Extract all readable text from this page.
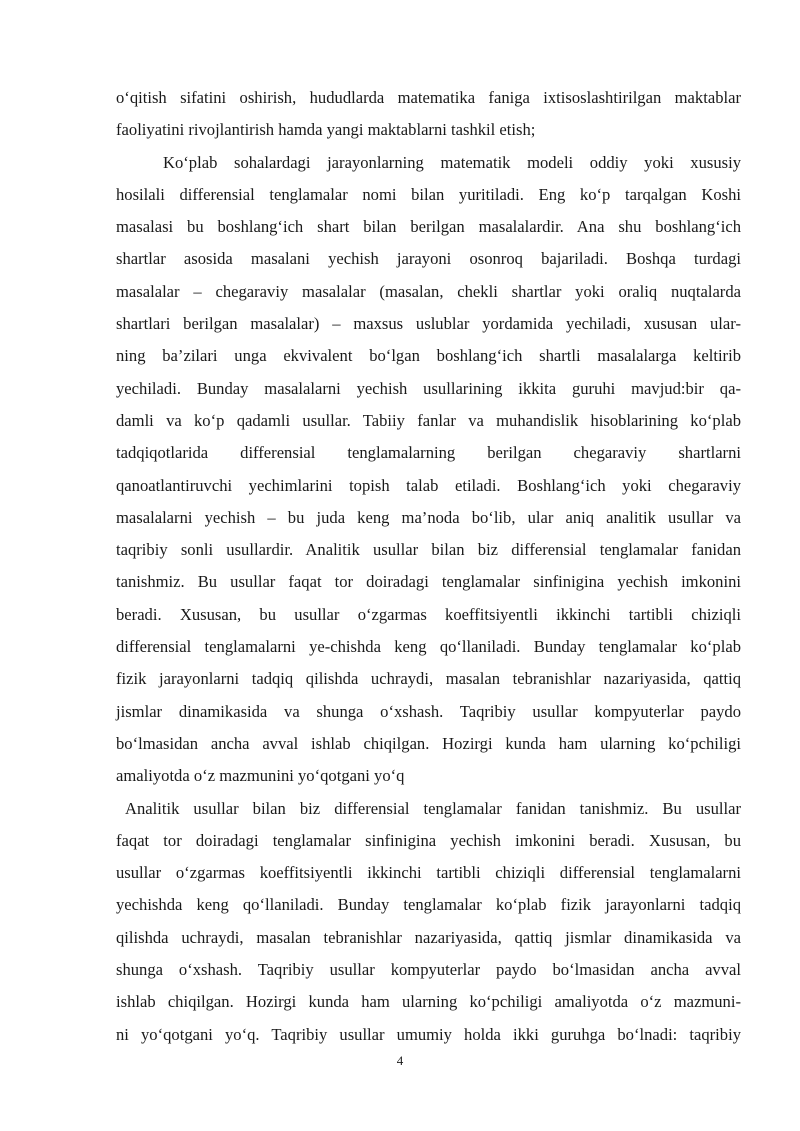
o‘qitish sifatini oshirish, hududlarda matematika faniga ixtisoslashtirilgan maktablar
faoliyatini rivojlantirish hamda yangi maktablarni tashkil etish;
Ko‘plab sohalardagi jarayonlarning matematik modeli oddiy yoki xususiy
hosilali differensial tenglamalar nomi bilan yuritiladi. Eng ko‘p tarqalgan Koshi
masalasi bu boshlang‘ich shart bilan berilgan masalalardir. Ana shu boshlang‘ich
shartlar asosida masalani yechish jarayoni osonroq bajariladi. Boshqa turdagi
masalalar – chegaraviy masalalar (masalan, chekli shartlar yoki oraliq nuqtalarda
shartlari berilgan masalalar) – maxsus uslublar yordamida yechiladi, xususan ular-
ning ba’zilari unga ekvivalent bo‘lgan boshlang‘ich shartli masalalarga keltirib
yechiladi. Bunday masalalarni yechish usullarining ikkita guruhi mavjud:bir qa-
damli va ko‘p qadamli usullar. Tabiiy fanlar va muhandislik hisoblarining ko‘plab
tadqiqotlarida differensial tenglamalarning berilgan chegaraviy shartlarni
qanoatlantiruvchi yechimlarini topish talab etiladi. Boshlang‘ich yoki chegaraviy
masalalarni yechish – bu juda keng ma’noda bo‘lib, ular aniq analitik usullar va
taqribiy sonli usullardir. Analitik usullar bilan biz differensial tenglamalar fanidan
tanishmiz. Bu usullar faqat tor doiradagi tenglamalar sinfinigina yechish imkonini
beradi. Xususan, bu usullar o‘zgarmas koeffitsiyentli ikkinchi tartibli chiziqli
differensial tenglamalarni ye-chishda keng qo‘llaniladi. Bunday tenglamalar ko‘plab
fizik jarayonlarni tadqiq qilishda uchraydi, masalan tebranishlar nazariyasida, qattiq
jismlar dinamikasida va shunga o‘xshash. Taqribiy usullar kompyuterlar paydo
bo‘lmasidan ancha avval ishlab chiqilgan. Hozirgi kunda ham ularning ko‘pchiligi
amaliyotda o‘z mazmunini yo‘qotgani yo‘q
Analitik usullar bilan biz differensial tenglamalar fanidan tanishmiz. Bu usullar
faqat tor doiradagi tenglamalar sinfinigina yechish imkonini beradi. Xususan, bu
usullar o‘zgarmas koeffitsiyentli ikkinchi tartibli chiziqli differensial tenglamalarni
yechishda keng qo‘llaniladi. Bunday tenglamalar ko‘plab fizik jarayonlarni tadqiq
qilishda uchraydi, masalan tebranishlar nazariyasida, qattiq jismlar dinamikasida va
shunga o‘xshash. Taqribiy usullar kompyuterlar paydo bo‘lmasidan ancha avval
ishlab chiqilgan. Hozirgi kunda ham ularning ko‘pchiligi amaliyotda o‘z mazmuni-
ni yo‘qotgani yo‘q. Taqribiy usullar umumiy holda ikki guruhga bo‘lnadi: taqribiy
4
